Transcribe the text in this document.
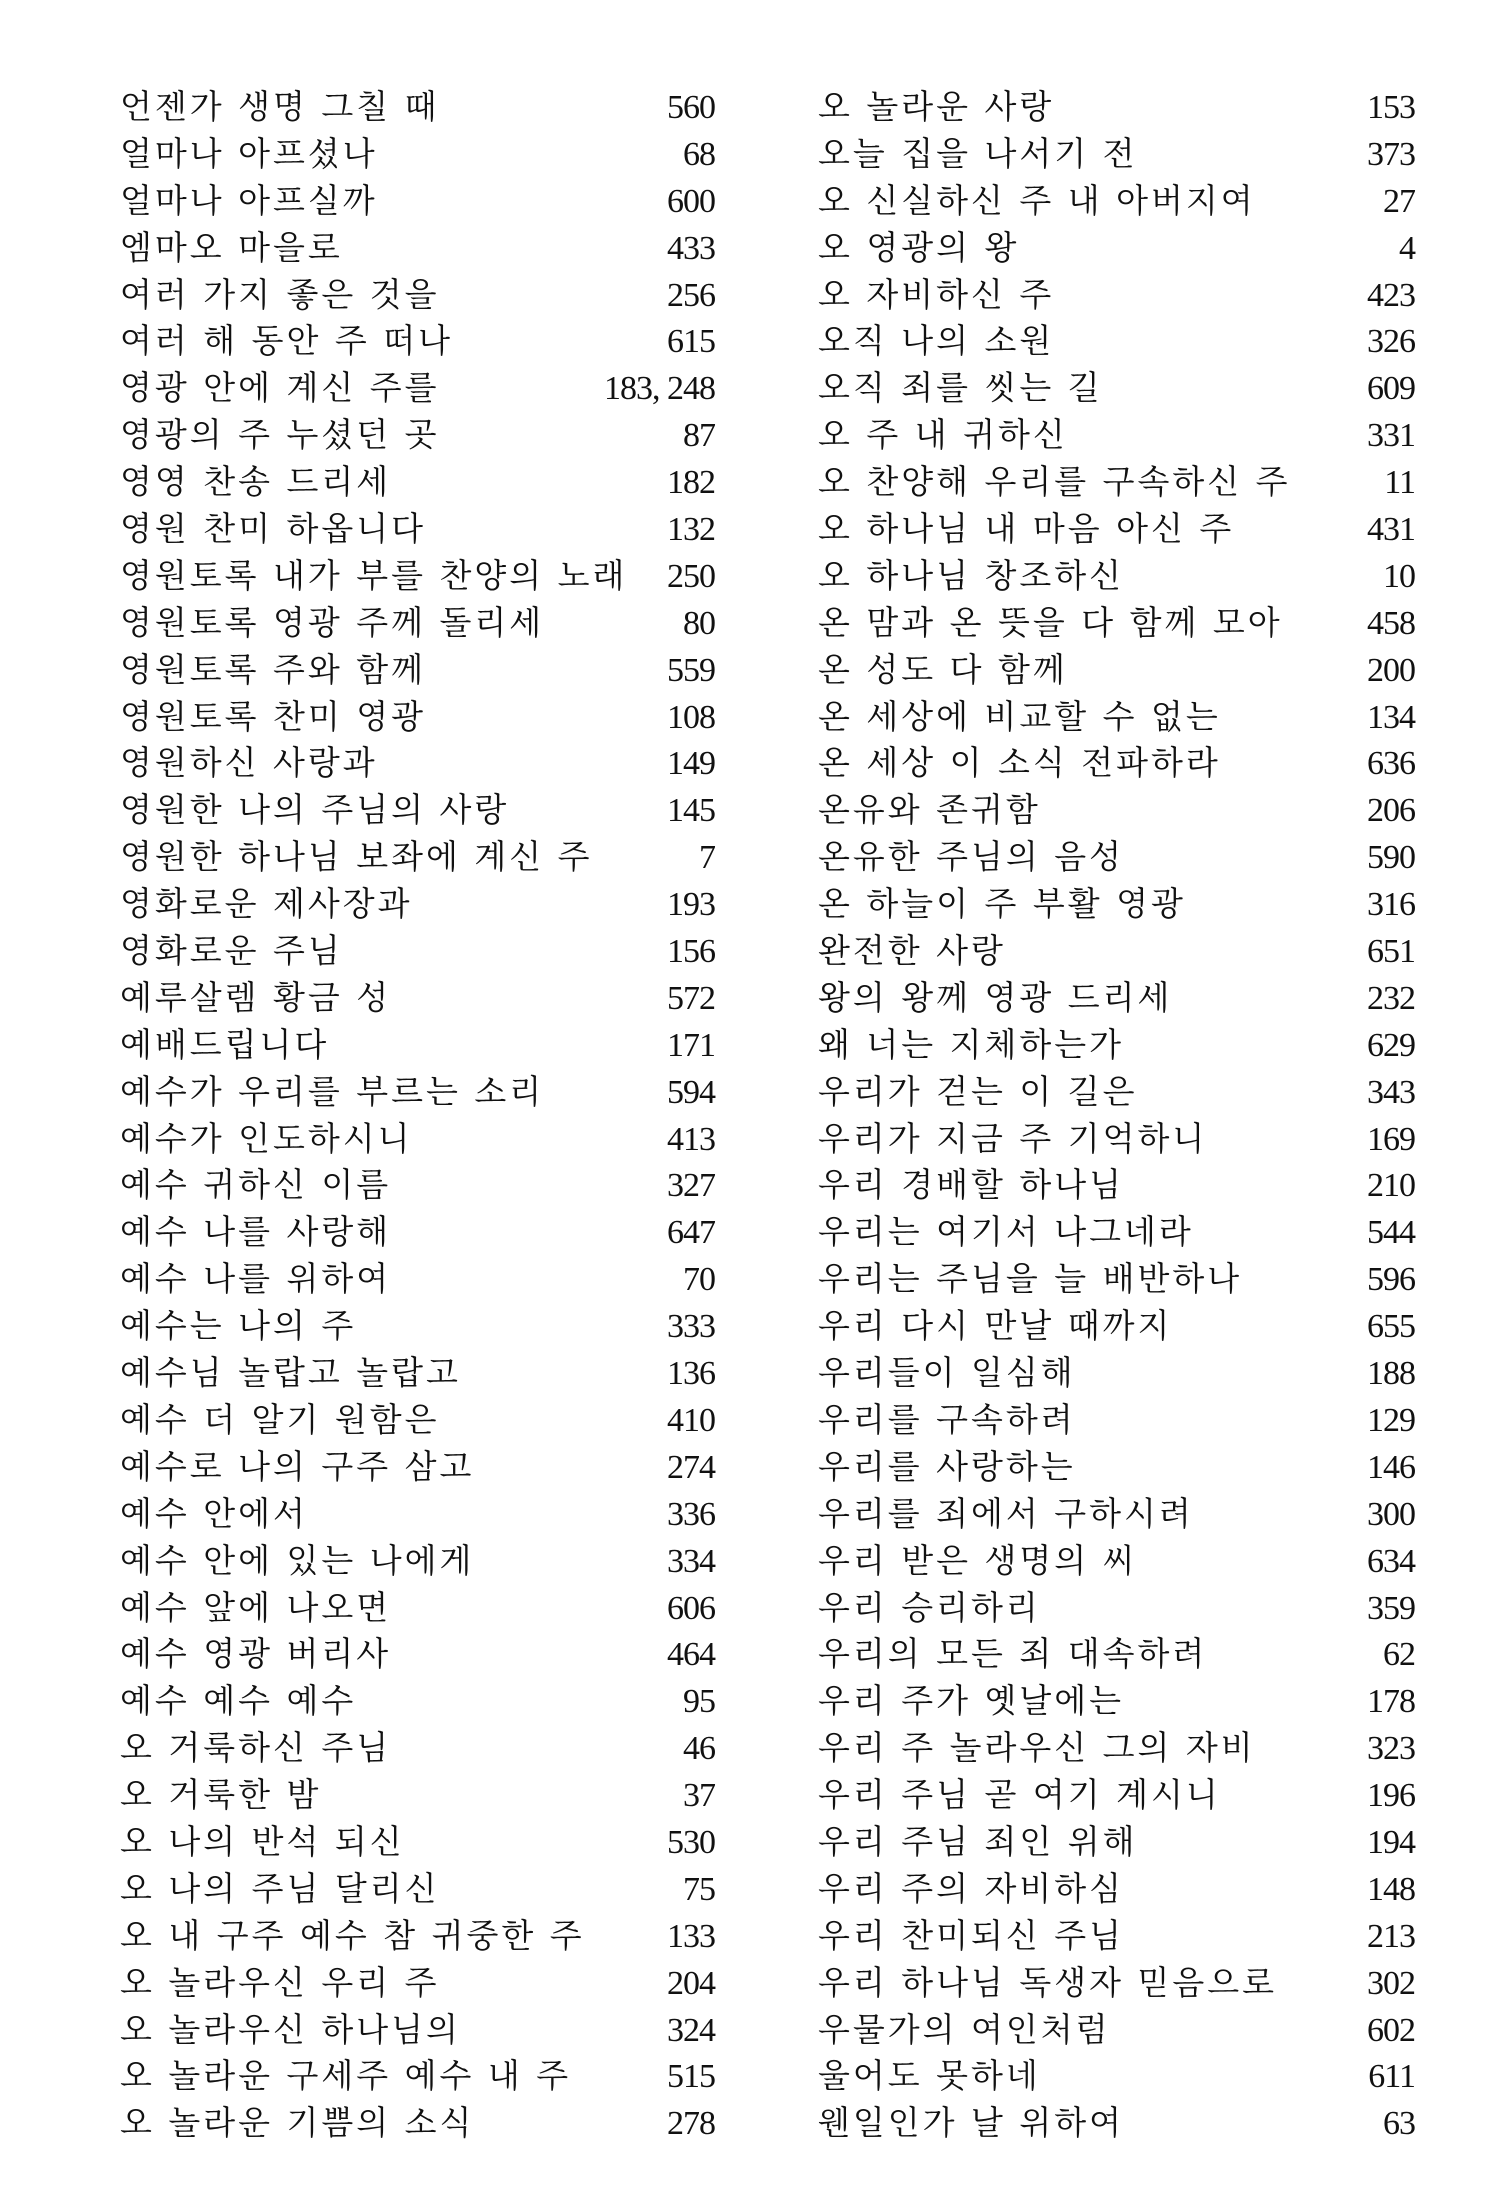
언젠가 생명 그칠 때	560
얼마나 아프셨나	68
얼마나 아프실까	600
엠마오 마을로	433
여러 가지 좋은 것을	256
여러 해 동안 주 떠나	615
영광 안에 계신 주를	183, 248
영광의 주 누셨던 곳	87
영영 찬송 드리세	182
영원 찬미 하옵니다	132
영원토록 내가 부를 찬양의 노래 250
영원토록 영광 주께 돌리세	80
영원토록 주와 함께	559
영원토록 찬미 영광	108
영원하신 사랑과	149
영원한 나의 주님의 사랑	145
영원한 하나님 보좌에 계신 주	7
영화로운 제사장과	193
영화로운 주님	156
예루살렘 황금 성	572
예배드립니다	171
예수가 우리를 부르는 소리	594
예수가 인도하시니	413
예수 귀하신 이름	327
예수 나를 사랑해	647
예수 나를 위하여	70
예수는 나의 주	333
예수님 놀랍고 놀랍고	136
예수 더 알기 원함은	410
예수로 나의 구주 삼고	274
예수 안에서	336
예수 안에 있는 나에게	334
예수 앞에 나오면	606
예수 영광 버리사	464
예수 예수 예수	95
오 거룩하신 주님	46
오 거룩한 밤	37
오 나의 반석 되신	530
오 나의 주님 달리신	75
오 내 구주 예수 참 귀중한 주 133
오 놀라우신 우리 주	204
오 놀라우신 하나님의	324
오 놀라운 구세주 예수 내 주	515
오 놀라운 기쁨의 소식	278
오 놀라운 사랑	153
오늘 집을 나서기 전	373
오 신실하신 주 내 아버지여	27
오 영광의 왕	4
오 자비하신 주	423
오직 나의 소원	326
오직 죄를 씻는 길	609
오 주 내 귀하신	331
오 찬양해 우리를 구속하신 주	11
오 하나님 내 마음 아신 주	431
오 하나님 창조하신	10
온 맘과 온 뜻을 다 함께 모아 458
온 성도 다 함께	200
온 세상에 비교할 수 없는	134
온 세상 이 소식 전파하라	636
온유와 존귀함	206
온유한 주님의 음성	590
온 하늘이 주 부활 영광	316
완전한 사랑	651
왕의 왕께 영광 드리세	232
왜 너는 지체하는가	629
우리가 걷는 이 길은	343
우리가 지금 주 기억하니	169
우리 경배할 하나님	210
우리는 여기서 나그네라	544
우리는 주님을 늘 배반하나	596
우리 다시 만날 때까지	655
우리들이 일심해	188
우리를 구속하려	129
우리를 사랑하는	146
우리를 죄에서 구하시려	300
우리 받은 생명의 씨	634
우리 승리하리	359
우리의 모든 죄 대속하려	62
우리 주가 옛날에는	178
우리 주 놀라우신 그의 자비	323
우리 주님 곧 여기 계시니	196
우리 주님 죄인 위해	194
우리 주의 자비하심	148
우리 찬미되신 주님	213
우리 하나님 독생자 믿음으로	302
우물가의 여인처럼	602
울어도 못하네	611
웬일인가 날 위하여	63
